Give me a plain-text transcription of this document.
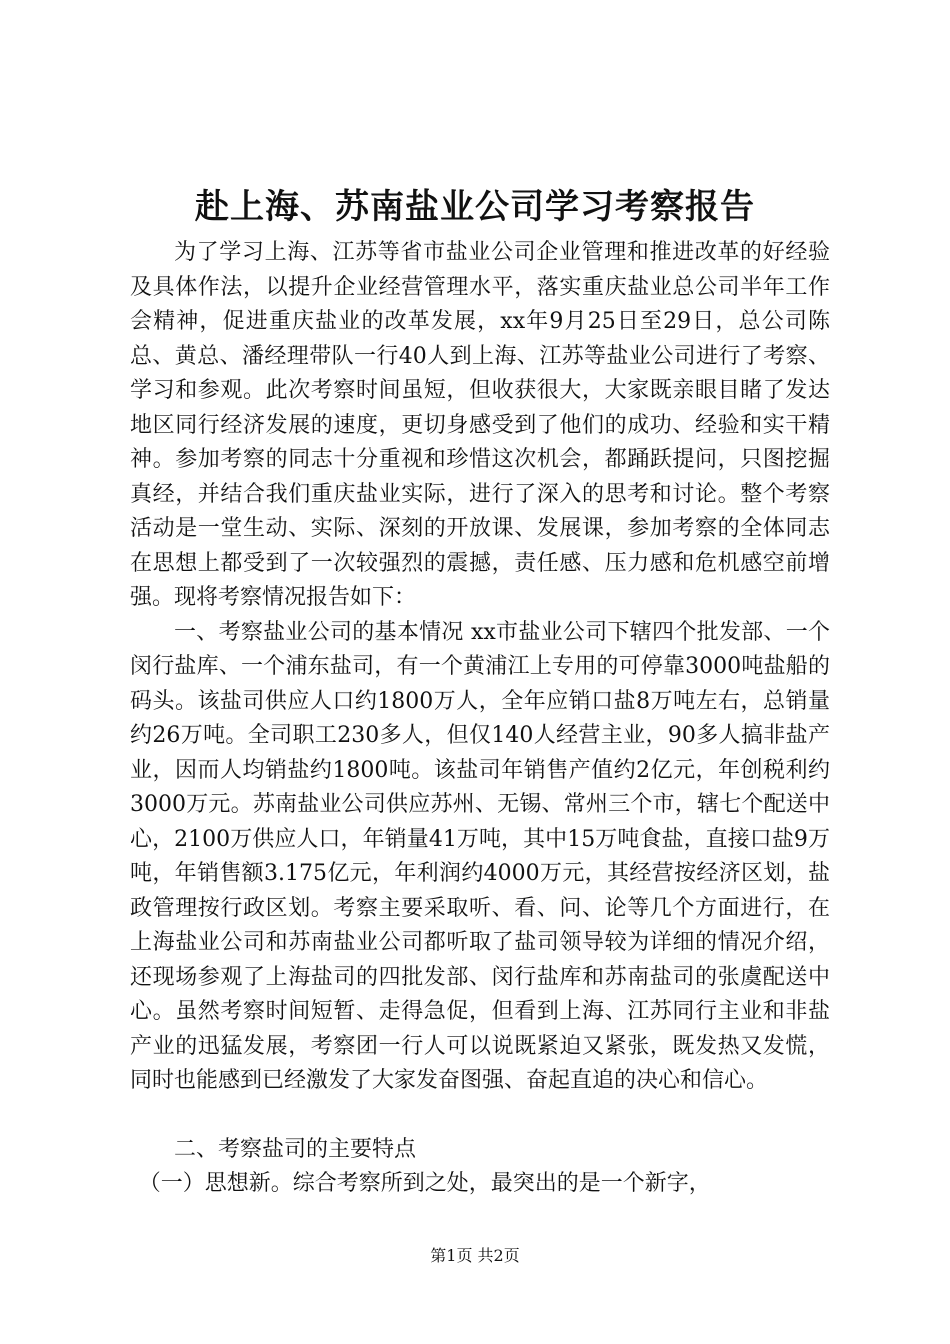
赴上海、苏南盐业公司学习考察报告

为了学习上海、江苏等省市盐业公司企业管理和推进改革的好经验及具体作法，以提升企业经营管理水平，落实重庆盐业总公司半年工作会精神，促进重庆盐业的改革发展，xx年9月25日至29日，总公司陈总、黄总、潘经理带队一行40人到上海、江苏等盐业公司进行了考察、学习和参观。此次考察时间虽短，但收获很大，大家既亲眼目睹了发达地区同行经济发展的速度，更切身感受到了他们的成功、经验和实干精神。参加考察的同志十分重视和珍惜这次机会，都踊跃提问，只图挖掘真经，并结合我们重庆盐业实际，进行了深入的思考和讨论。整个考察活动是一堂生动、实际、深刻的开放课、发展课，参加考察的全体同志在思想上都受到了一次较强烈的震撼，责任感、压力感和危机感空前增强。现将考察情况报告如下：

一、考察盐业公司的基本情况 xx市盐业公司下辖四个批发部、一个闵行盐库、一个浦东盐司，有一个黄浦江上专用的可停靠3000吨盐船的码头。该盐司供应人口约1800万人，全年应销口盐8万吨左右，总销量约26万吨。全司职工230多人，但仅140人经营主业，90多人搞非盐产业，因而人均销盐约1800吨。该盐司年销售产值约2亿元，年创税利约3000万元。苏南盐业公司供应苏州、无锡、常州三个市，辖七个配送中心，2100万供应人口，年销量41万吨，其中15万吨食盐，直接口盐9万吨，年销售额3.175亿元，年利润约4000万元，其经营按经济区划，盐政管理按行政区划。考察主要采取听、看、问、论等几个方面进行，在上海盐业公司和苏南盐业公司都听取了盐司领导较为详细的情况介绍，还现场参观了上海盐司的四批发部、闵行盐库和苏南盐司的张虞配送中心。虽然考察时间短暂、走得急促，但看到上海、江苏同行主业和非盐产业的迅猛发展，考察团一行人可以说既紧迫又紧张，既发热又发慌，同时也能感到已经激发了大家发奋图强、奋起直追的决心和信心。

二、考察盐司的主要特点

（一）思想新。综合考察所到之处，最突出的是一个新字，

第1页 共2页
